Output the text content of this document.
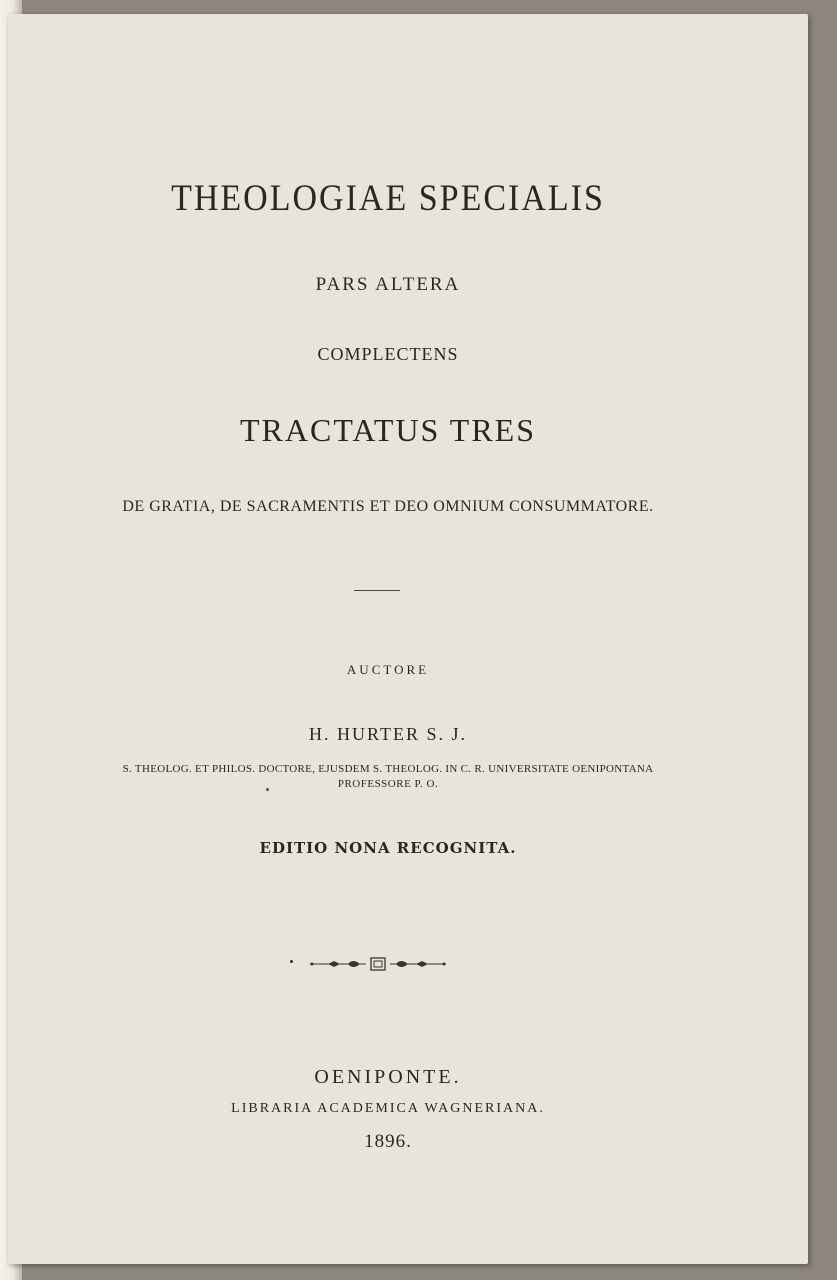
THEOLOGIAE SPECIALIS
PARS ALTERA
COMPLECTENS
TRACTATUS TRES
DE GRATIA, DE SACRAMENTIS ET DEO OMNIUM CONSUMMATORE.
AUCTORE
H. HURTER S. J.
S. THEOLOG. ET PHILOS. DOCTORE, EJUSDEM S. THEOLOG. IN C. R. UNIVERSITATE OENIPONTANA
PROFESSORE P. O.
EDITIO NONA RECOGNITA.
OENIPONTE.
LIBRARIA ACADEMICA WAGNERIANA.
1896.
